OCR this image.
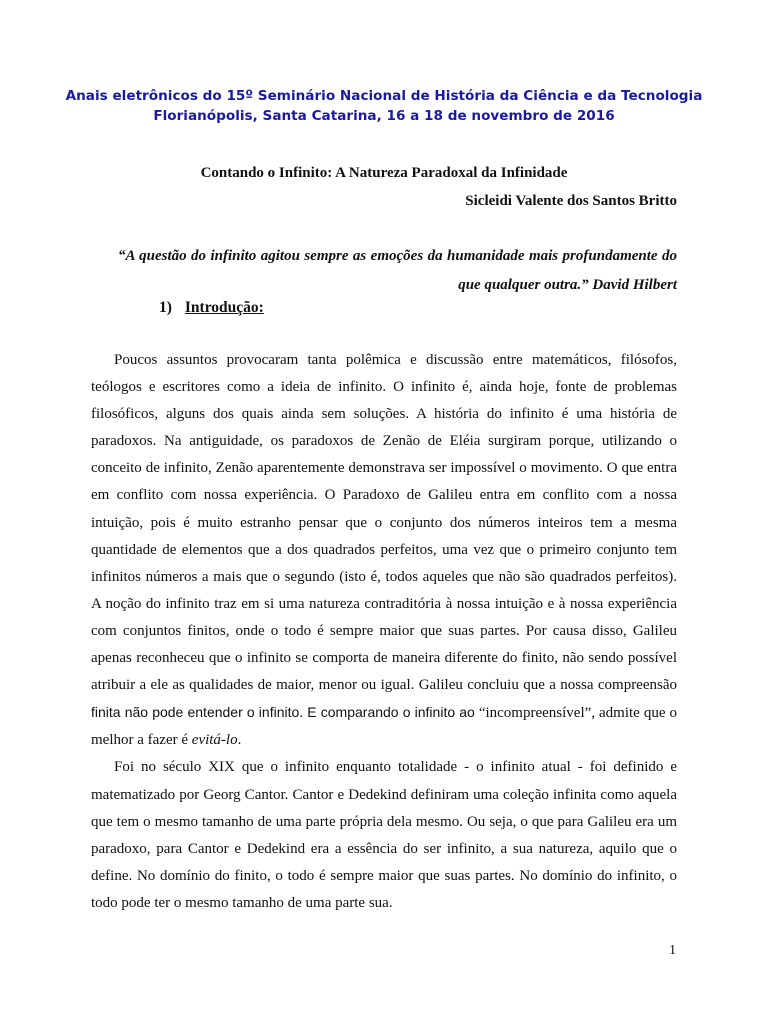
Anais eletrônicos do 15º Seminário Nacional de História da Ciência e da Tecnologia
Florianópolis, Santa Catarina, 16 a 18 de novembro de 2016
Contando o Infinito: A Natureza Paradoxal da Infinidade
Sicleidi Valente dos Santos Britto
“A questão do infinito agitou sempre as emoções da humanidade mais profundamente do
que qualquer outra.” David Hilbert
1) Introdução:
Poucos assuntos provocaram tanta polêmica e discussão entre matemáticos, filósofos,
teólogos e escritores como a ideia de infinito. O infinito é, ainda hoje, fonte de problemas
filosóficos, alguns dos quais ainda sem soluções. A história do infinito é uma história de
paradoxos. Na antiguidade, os paradoxos de Zenão de Eléia surgiram porque, utilizando o
conceito de infinito, Zenão aparentemente demonstrava ser impossível o movimento. O que entra
em conflito com nossa experiência. O Paradoxo de Galileu entra em conflito com a nossa
intuição, pois é muito estranho pensar que o conjunto dos números inteiros tem a mesma
quantidade de elementos que a dos quadrados perfeitos, uma vez que o primeiro conjunto tem
infinitos números a mais que o segundo (isto é, todos aqueles que não são quadrados perfeitos).
A noção do infinito traz em si uma natureza contraditória à nossa intuição e à nossa experiência
com conjuntos finitos, onde o todo é sempre maior que suas partes. Por causa disso, Galileu
apenas reconheceu que o infinito se comporta de maneira diferente do finito, não sendo possível
atribuir a ele as qualidades de maior, menor ou igual. Galileu concluiu que a nossa compreensão
finita não pode entender o infinito. E comparando o infinito ao “incompreensível”, admite que o
melhor a fazer é evitá-lo.
Foi no século XIX que o infinito enquanto totalidade - o infinito atual - foi definido e
matematizado por Georg Cantor. Cantor e Dedekind definiram uma coleção infinita como aquela
que tem o mesmo tamanho de uma parte própria dela mesmo. Ou seja, o que para Galileu era um
paradoxo, para Cantor e Dedekind era a essência do ser infinito, a sua natureza, aquilo que o
define. No domínio do finito, o todo é sempre maior que suas partes. No domínio do infinito, o
todo pode ter o mesmo tamanho de uma parte sua.
1
